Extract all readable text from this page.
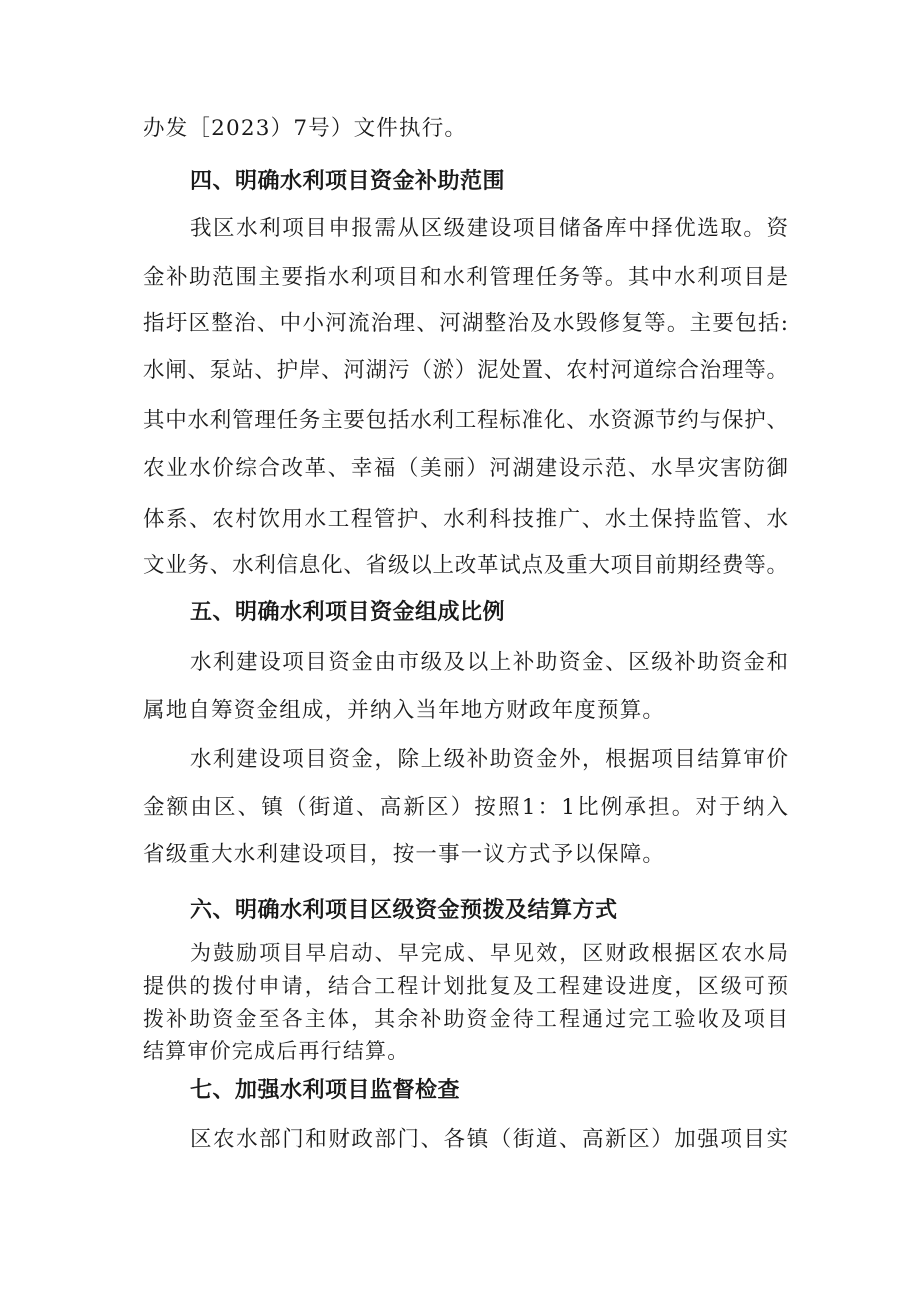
办发［2023）7号）文件执行。
四、明确水利项目资金补助范围
我区水利项目申报需从区级建设项目储备库中择优选取。资
金补助范围主要指水利项目和水利管理任务等。其中水利项目是
指圩区整治、中小河流治理、河湖整治及水毁修复等。主要包括:
水闸、泵站、护岸、河湖污（淤）泥处置、农村河道综合治理等。
其中水利管理任务主要包括水利工程标准化、水资源节约与保护、
农业水价综合改革、幸福（美丽）河湖建设示范、水旱灾害防御
体系、农村饮用水工程管护、水利科技推广、水土保持监管、水
文业务、水利信息化、省级以上改革试点及重大项目前期经费等。
五、明确水利项目资金组成比例
水利建设项目资金由市级及以上补助资金、区级补助资金和
属地自筹资金组成，并纳入当年地方财政年度预算。
水利建设项目资金，除上级补助资金外，根据项目结算审价
金额由区、镇（街道、高新区）按照1：1比例承担。对于纳入
省级重大水利建设项目，按一事一议方式予以保障。
六、明确水利项目区级资金预拨及结算方式
为鼓励项目早启动、早完成、早见效，区财政根据区农水局
提供的拨付申请，结合工程计划批复及工程建设进度，区级可预
拨补助资金至各主体，其余补助资金待工程通过完工验收及项目
结算审价完成后再行结算。
七、加强水利项目监督检查
区农水部门和财政部门、各镇（街道、高新区）加强项目实
